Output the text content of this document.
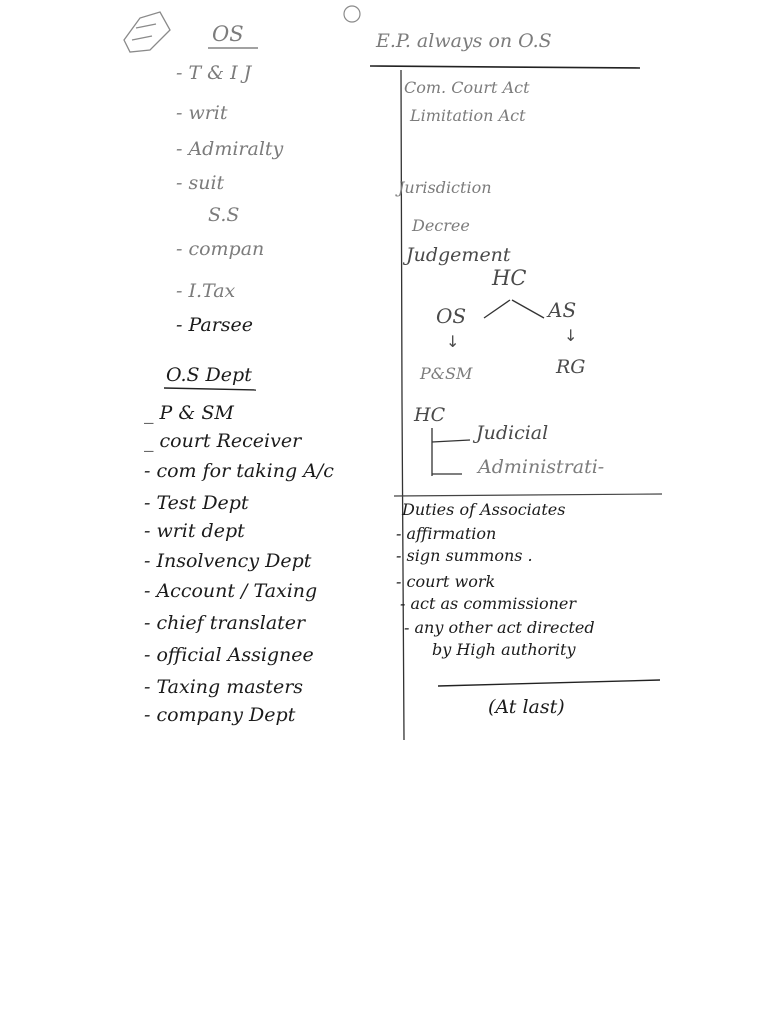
OS
- T & I J
- writ
- Admiralty
- suit
S.S
- compan
- I.Tax
- Parsee
O.S Dept
_ P & SM
_ court Receiver
- com for taking A/c
- Test Dept
- writ dept
- Insolvency Dept
- Account / Taxing
- chief translater
- official Assignee
- Taxing masters
- company Dept
E.P. always on O.S
Com. Court Act
Limitation Act
Jurisdiction
Decree
Judgement
HC
OS	AS
↓	↓
P&SM	RG
HC
Judicial
Administrati-
Duties of Associates
- affirmation
- sign summons .
- court work
- act as commissioner
- any other act directed
by High authority
(At last)
